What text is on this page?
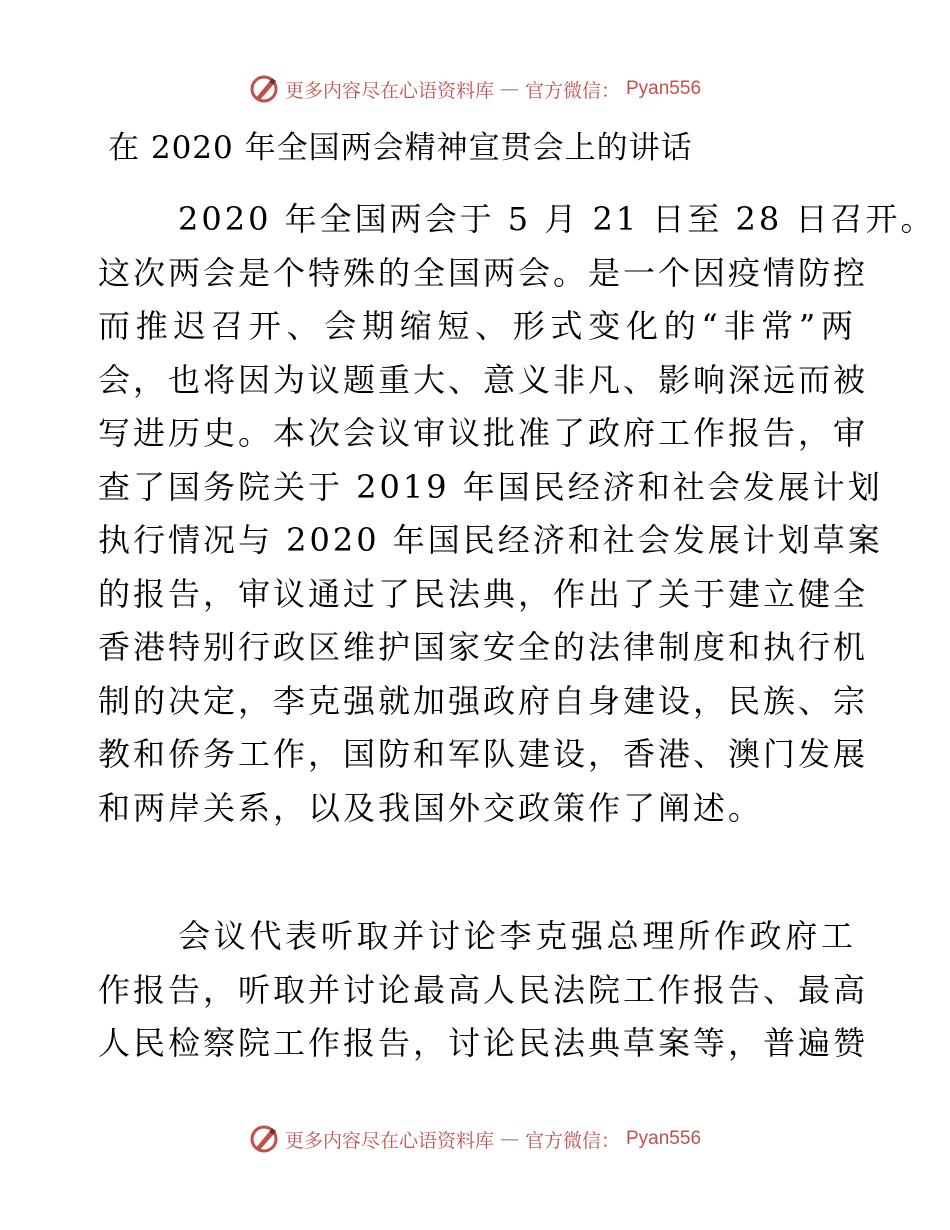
更多内容尽在心语资料库 — 官方微信： Pyan556
在 2020 年全国两会精神宣贯会上的讲话
2020 年全国两会于 5 月 21 日至 28 日召开。
这次两会是个特殊的全国两会。是一个因疫情防控
而推迟召开、会期缩短、形式变化的“非常”两
会，也将因为议题重大、意义非凡、影响深远而被
写进历史。本次会议审议批准了政府工作报告，审
查了国务院关于 2019 年国民经济和社会发展计划
执行情况与 2020 年国民经济和社会发展计划草案
的报告，审议通过了民法典，作出了关于建立健全
香港特别行政区维护国家安全的法律制度和执行机
制的决定，李克强就加强政府自身建设，民族、宗
教和侨务工作，国防和军队建设，香港、澳门发展
和两岸关系，以及我国外交政策作了阐述。
会议代表听取并讨论李克强总理所作政府工
作报告，听取并讨论最高人民法院工作报告、最高
人民检察院工作报告，讨论民法典草案等，普遍赞
更多内容尽在心语资料库 — 官方微信： Pyan556
